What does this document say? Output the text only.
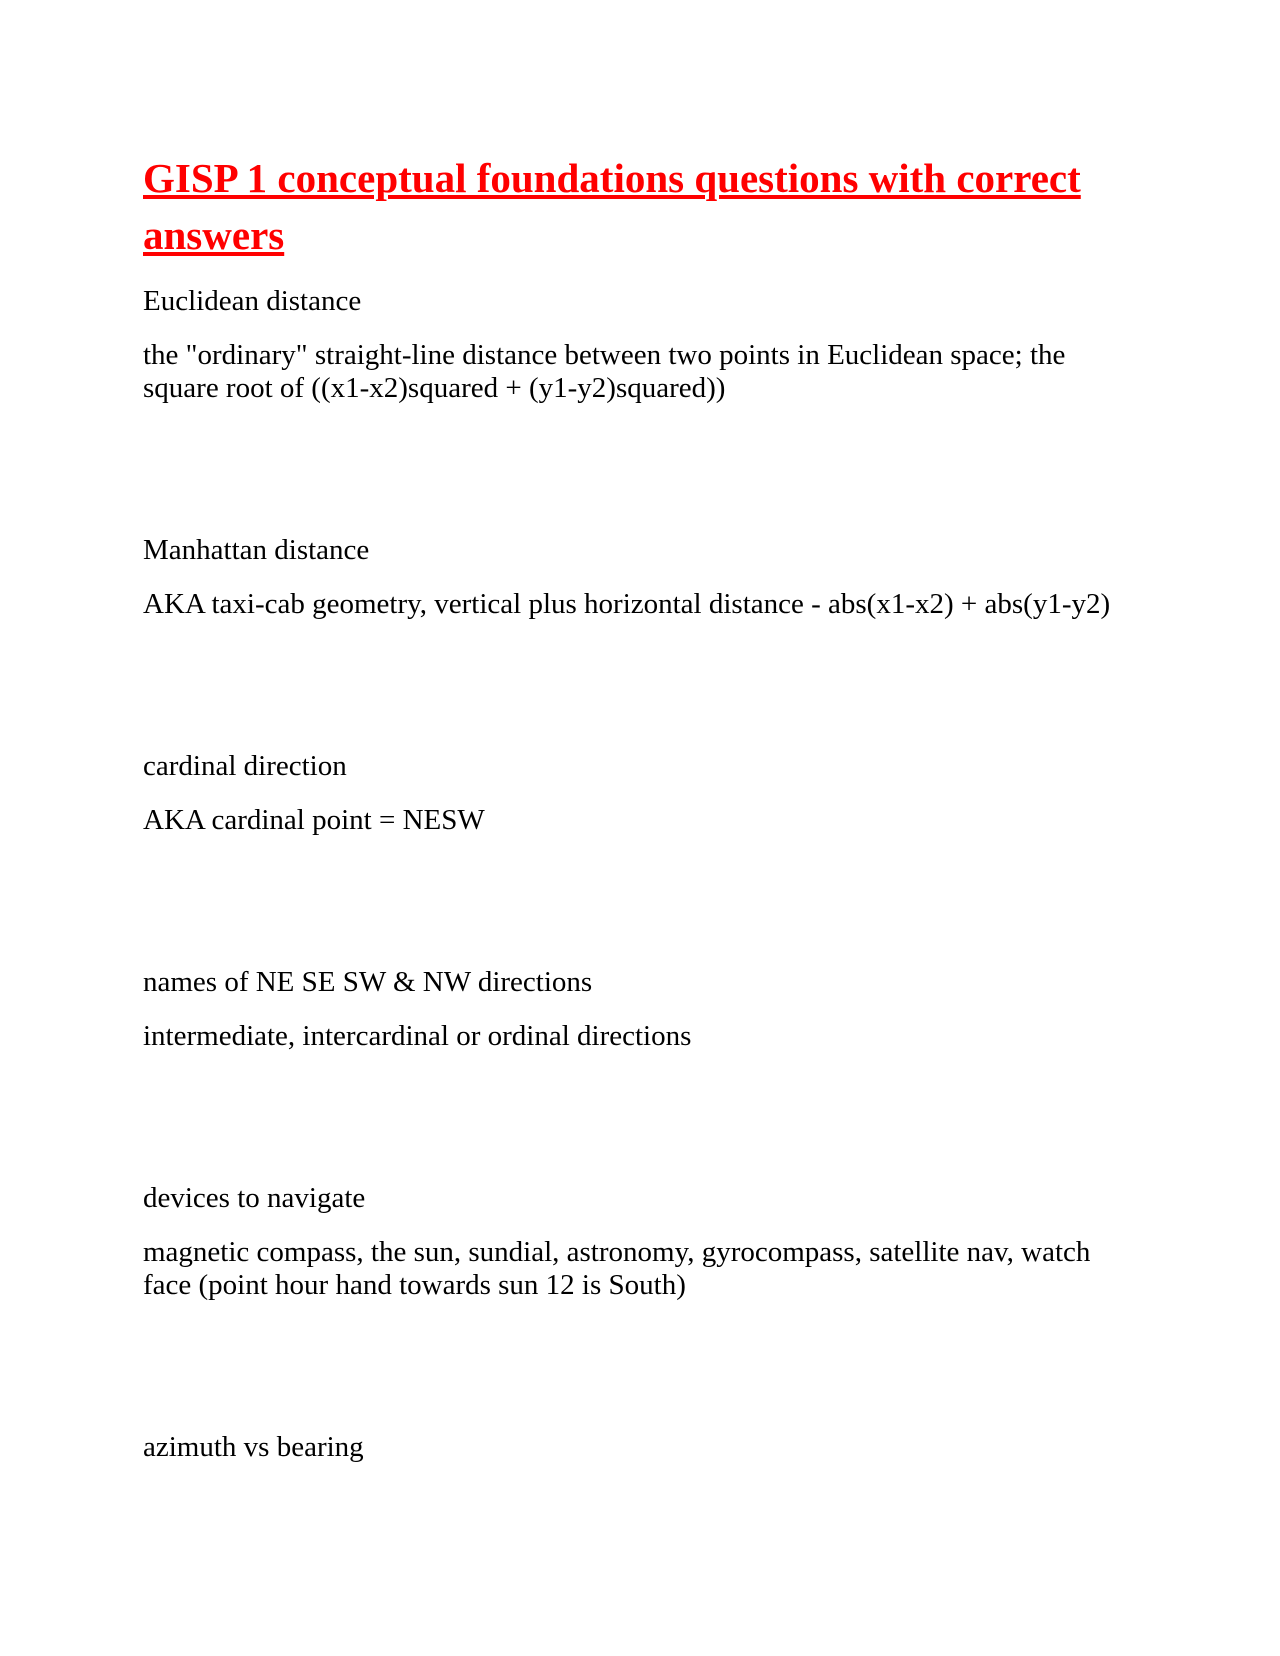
GISP 1 conceptual foundations questions with correct answers

Euclidean distance

the "ordinary" straight-line distance between two points in Euclidean space; the square root of ((x1-x2)squared + (y1-y2)squared))

Manhattan distance

AKA taxi-cab geometry, vertical plus horizontal distance - abs(x1-x2) + abs(y1-y2)

cardinal direction

AKA cardinal point = NESW

names of NE SE SW & NW directions

intermediate, intercardinal or ordinal directions

devices to navigate

magnetic compass, the sun, sundial, astronomy, gyrocompass, satellite nav, watch face (point hour hand towards sun 12 is South)

azimuth vs bearing
